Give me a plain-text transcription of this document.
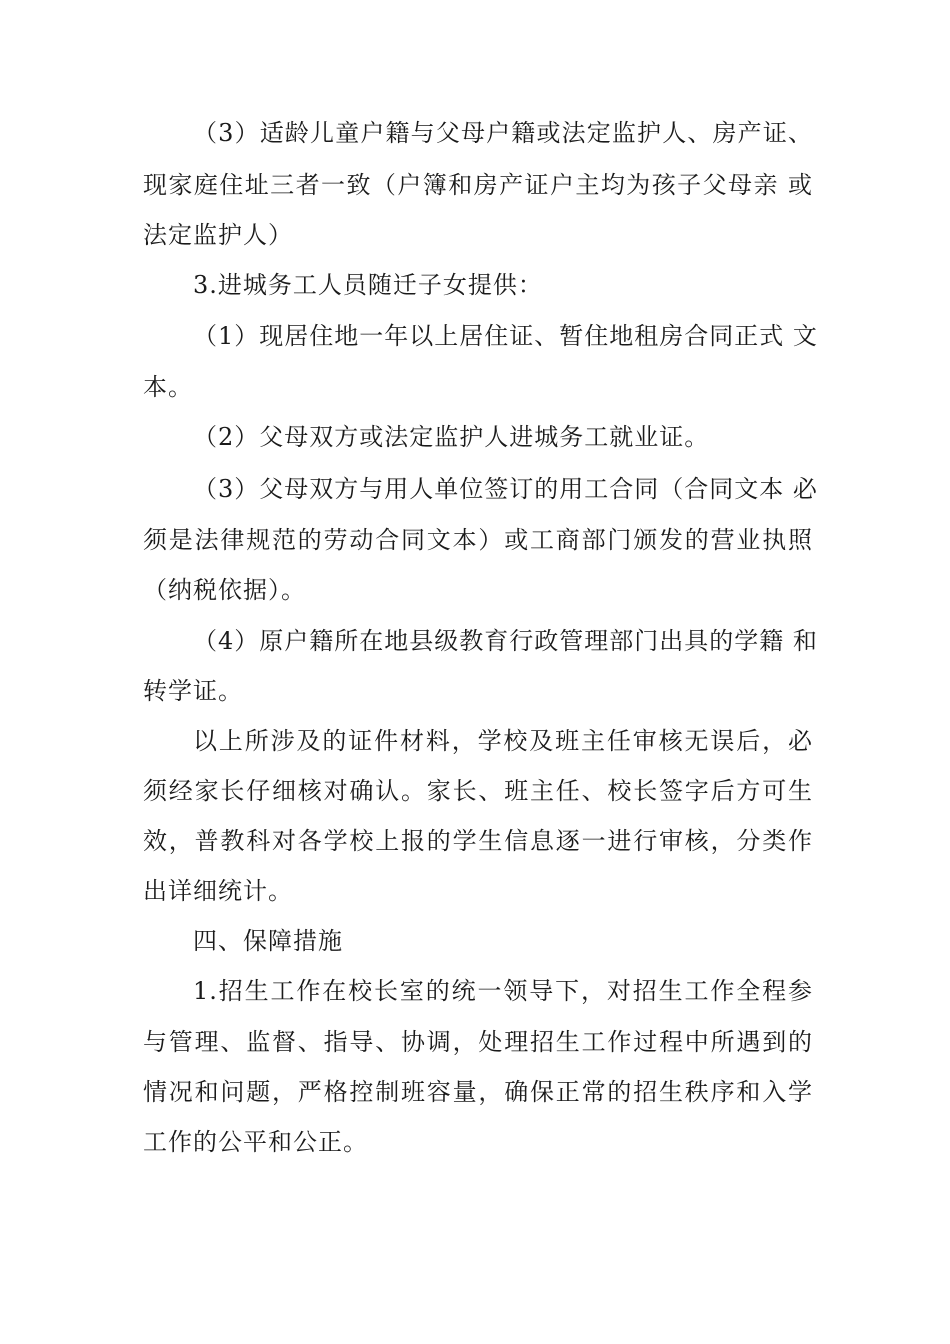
（3）适龄儿童户籍与父母户籍或法定监护人、房产证、
现家庭住址三者一致（户簿和房产证户主均为孩子父母亲 或
法定监护人）
3.进城务工人员随迁子女提供：
（1）现居住地一年以上居住证、暂住地租房合同正式 文
本。
（2）父母双方或法定监护人进城务工就业证。
（3）父母双方与用人单位签订的用工合同（合同文本 必
须是法律规范的劳动合同文本）或工商部门颁发的营业执照
（纳税依据）。
（4）原户籍所在地县级教育行政管理部门出具的学籍 和
转学证。
以上所涉及的证件材料，学校及班主任审核无误后，必
须经家长仔细核对确认。家长、班主任、校长签字后方可生
效，普教科对各学校上报的学生信息逐一进行审核，分类作
出详细统计。
四、保障措施
1.招生工作在校长室的统一领导下，对招生工作全程参
与管理、监督、指导、协调，处理招生工作过程中所遇到的
情况和问题，严格控制班容量，确保正常的招生秩序和入学
工作的公平和公正。
